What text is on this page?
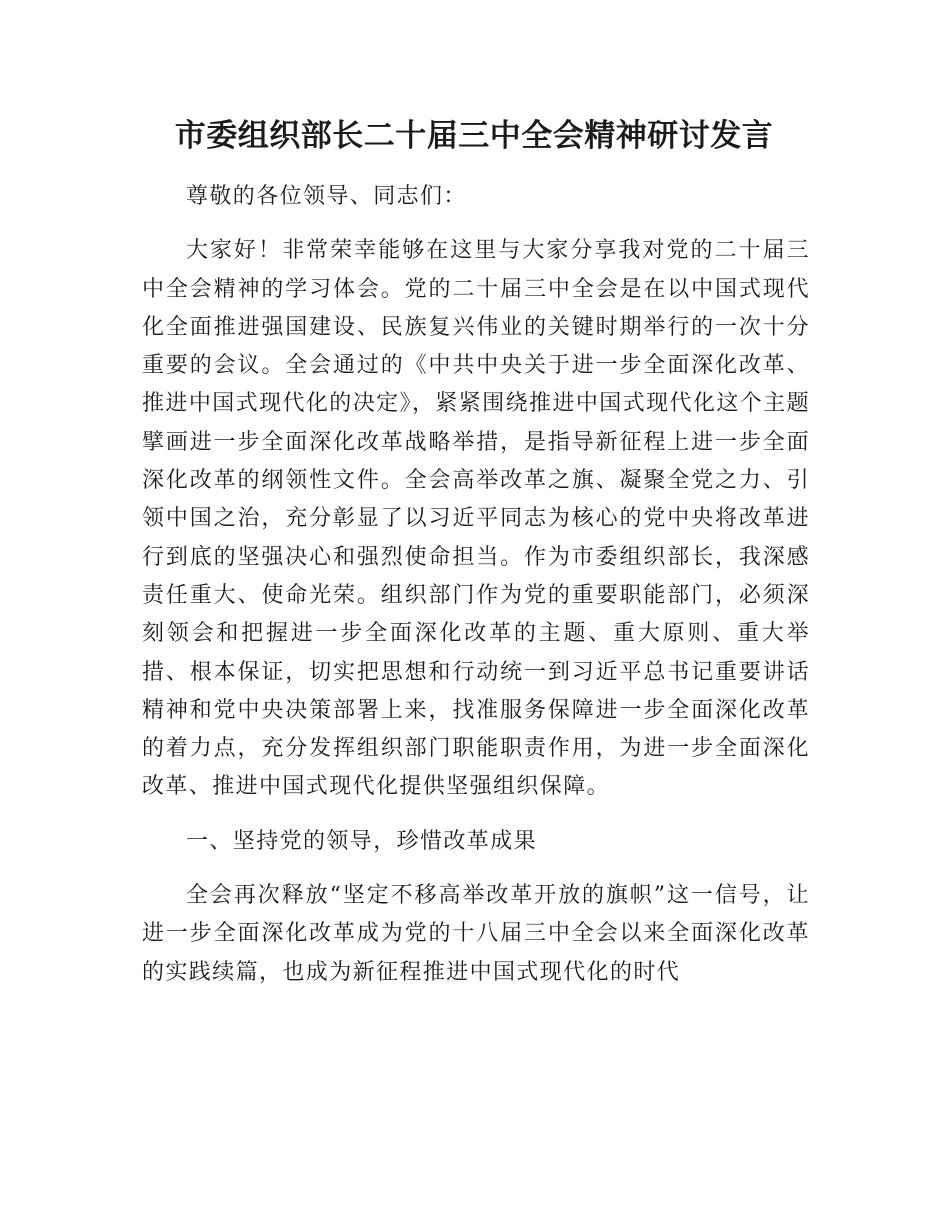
市委组织部长二十届三中全会精神研讨发言

尊敬的各位领导、同志们：

大家好！非常荣幸能够在这里与大家分享我对党的二十届三中全会精神的学习体会。党的二十届三中全会是在以中国式现代化全面推进强国建设、民族复兴伟业的关键时期举行的一次十分重要的会议。全会通过的《中共中央关于进一步全面深化改革、推进中国式现代化的决定》，紧紧围绕推进中国式现代化这个主题擘画进一步全面深化改革战略举措，是指导新征程上进一步全面深化改革的纲领性文件。全会高举改革之旗、凝聚全党之力、引领中国之治，充分彰显了以习近平同志为核心的党中央将改革进行到底的坚强决心和强烈使命担当。作为市委组织部长，我深感责任重大、使命光荣。组织部门作为党的重要职能部门，必须深刻领会和把握进一步全面深化改革的主题、重大原则、重大举措、根本保证，切实把思想和行动统一到习近平总书记重要讲话精神和党中央决策部署上来，找准服务保障进一步全面深化改革的着力点，充分发挥组织部门职能职责作用，为进一步全面深化改革、推进中国式现代化提供坚强组织保障。

一、坚持党的领导，珍惜改革成果

全会再次释放“坚定不移高举改革开放的旗帜”这一信号，让进一步全面深化改革成为党的十八届三中全会以来全面深化改革的实践续篇，也成为新征程推进中国式现代化的时代
